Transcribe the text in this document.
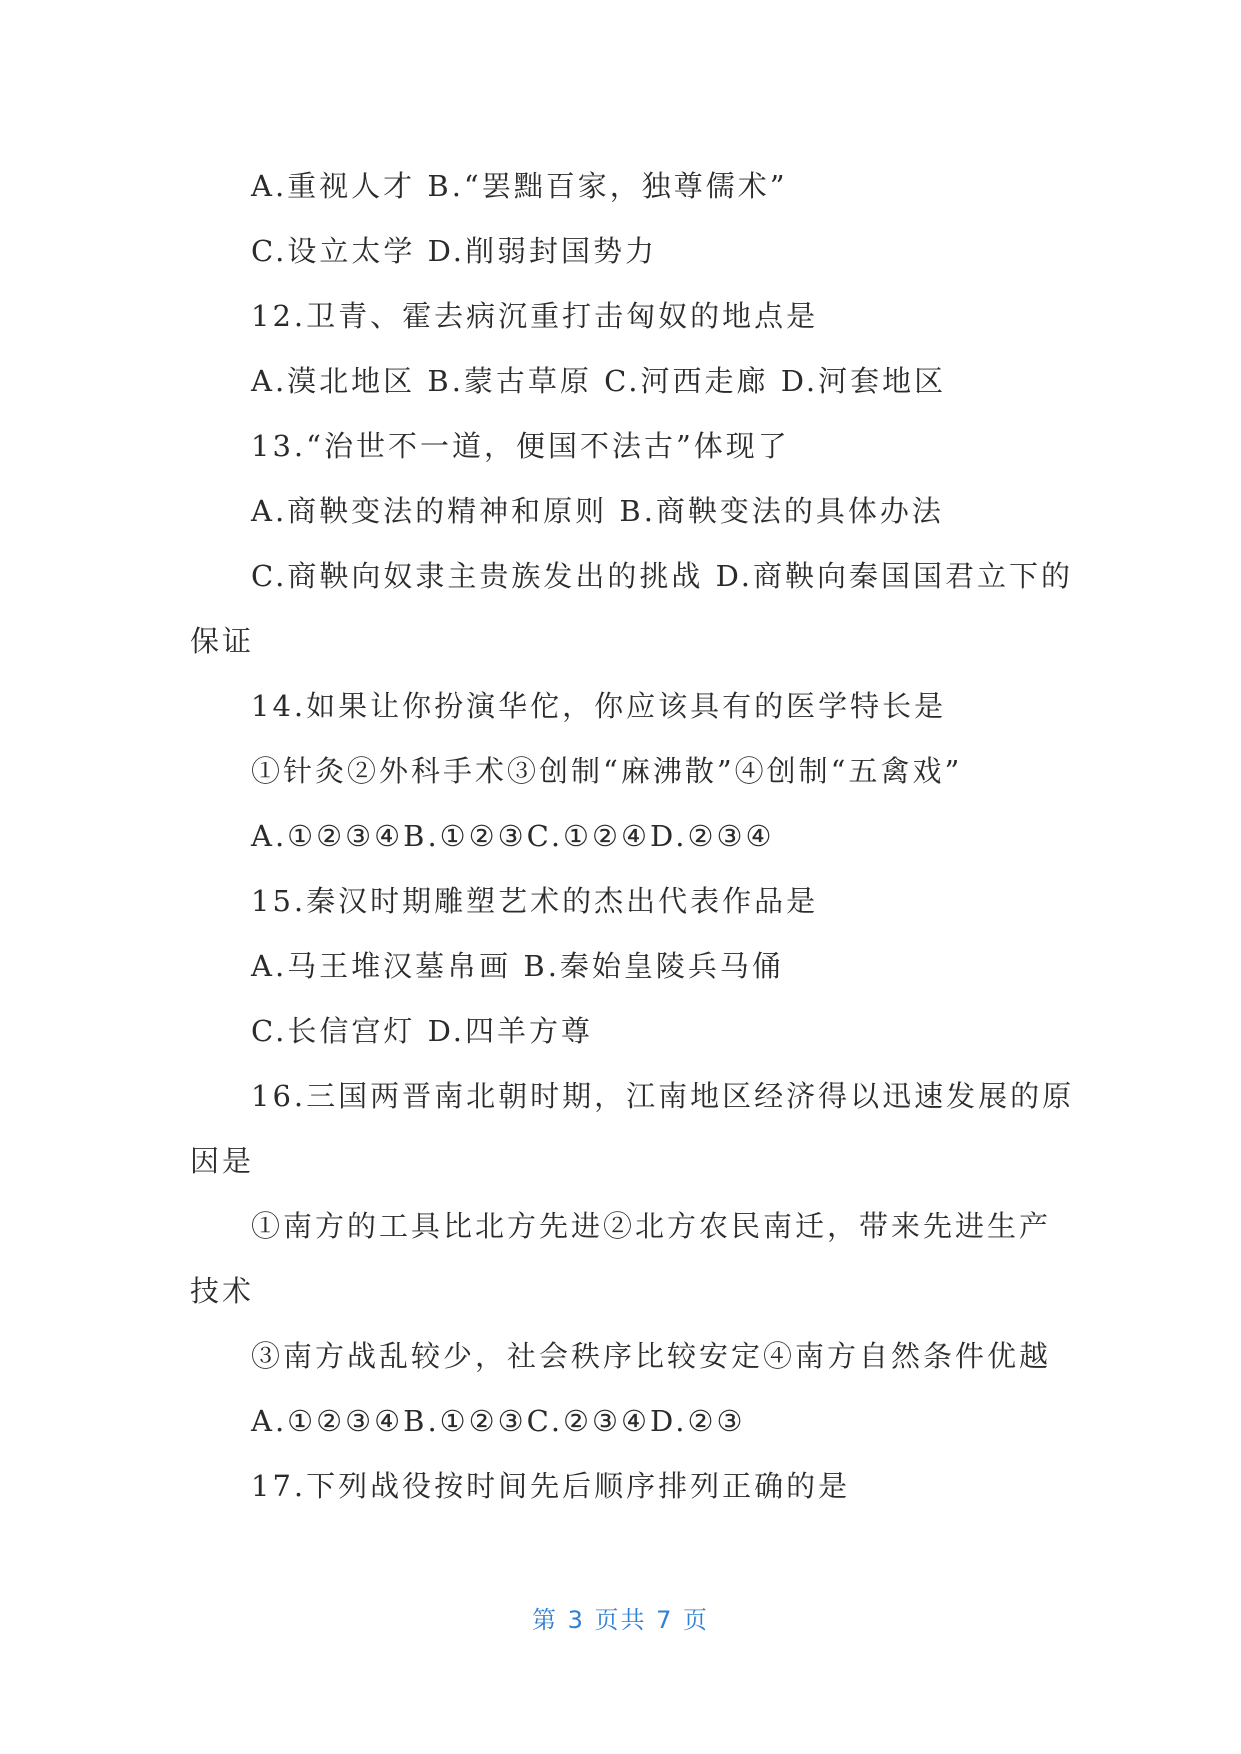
A.重视人才 B.“罢黜百家，独尊儒术”
C.设立太学 D.削弱封国势力
12.卫青、霍去病沉重打击匈奴的地点是
A.漠北地区 B.蒙古草原 C.河西走廊 D.河套地区
13.“治世不一道，便国不法古”体现了
A.商鞅变法的精神和原则 B.商鞅变法的具体办法
C.商鞅向奴隶主贵族发出的挑战 D.商鞅向秦国国君立下的
保证
14.如果让你扮演华佗，你应该具有的医学特长是
①针灸②外科手术③创制“麻沸散”④创制“五禽戏”
A.①②③④B.①②③C.①②④D.②③④
15.秦汉时期雕塑艺术的杰出代表作品是
A.马王堆汉墓帛画 B.秦始皇陵兵马俑
C.长信宫灯 D.四羊方尊
16.三国两晋南北朝时期，江南地区经济得以迅速发展的原
因是
①南方的工具比北方先进②北方农民南迁，带来先进生产
技术
③南方战乱较少，社会秩序比较安定④南方自然条件优越
A.①②③④B.①②③C.②③④D.②③
17.下列战役按时间先后顺序排列正确的是
第 3 页共 7 页
